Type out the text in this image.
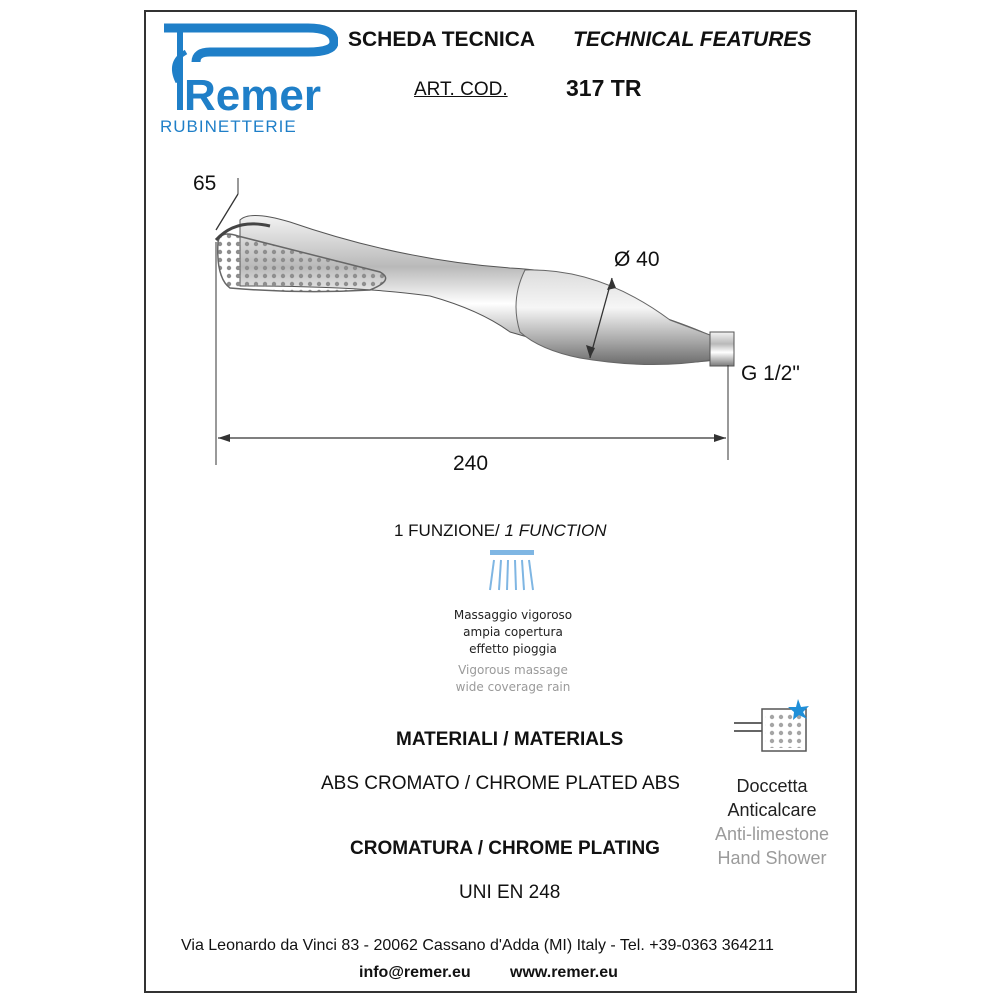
Remer
RUBINETTERIE
SCHEDA TECNICA TECHNICAL FEATURES
ART. COD.	317 TR
65
Ø 40
G 1/2"
240
1 FUNZIONE/ 1 FUNCTION
Massaggio vigoroso
ampia copertura
effetto pioggia
Vigorous massage
wide coverage rain
MATERIALI / MATERIALS
ABS CROMATO / CHROME PLATED ABS
CROMATURA / CHROME PLATING
UNI EN 248
Doccetta
Anticalcare
Anti-limestone
Hand Shower
Via Leonardo da Vinci 83 - 20062 Cassano d'Adda (MI) Italy - Tel. +39-0363 364211
info@remer.eu www.remer.eu
